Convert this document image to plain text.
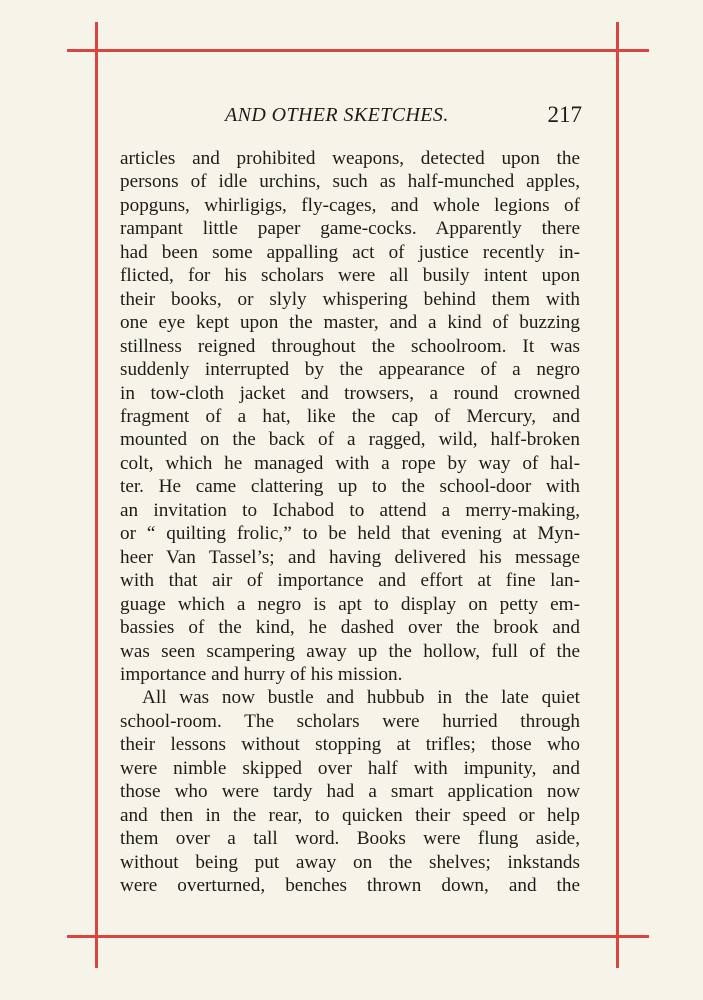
AND OTHER SKETCHES.	217
articles and prohibited weapons, detected upon the
persons of idle urchins, such as half-munched apples,
popguns, whirligigs, fly-cages, and whole legions of
rampant little paper game-cocks. Apparently there
had been some appalling act of justice recently in-
flicted, for his scholars were all busily intent upon
their books, or slyly whispering behind them with
one eye kept upon the master, and a kind of buzzing
stillness reigned throughout the schoolroom. It was
suddenly interrupted by the appearance of a negro
in tow-cloth jacket and trowsers, a round crowned
fragment of a hat, like the cap of Mercury, and
mounted on the back of a ragged, wild, half-broken
colt, which he managed with a rope by way of hal-
ter. He came clattering up to the school-door with
an invitation to Ichabod to attend a merry-making,
or “ quilting frolic,” to be held that evening at Myn-
heer Van Tassel’s; and having delivered his message
with that air of importance and effort at fine lan-
guage which a negro is apt to display on petty em-
bassies of the kind, he dashed over the brook and
was seen scampering away up the hollow, full of the
importance and hurry of his mission.
All was now bustle and hubbub in the late quiet
school-room. The scholars were hurried through
their lessons without stopping at trifles; those who
were nimble skipped over half with impunity, and
those who were tardy had a smart application now
and then in the rear, to quicken their speed or help
them over a tall word. Books were flung aside,
without being put away on the shelves; inkstands
were overturned, benches thrown down, and the
